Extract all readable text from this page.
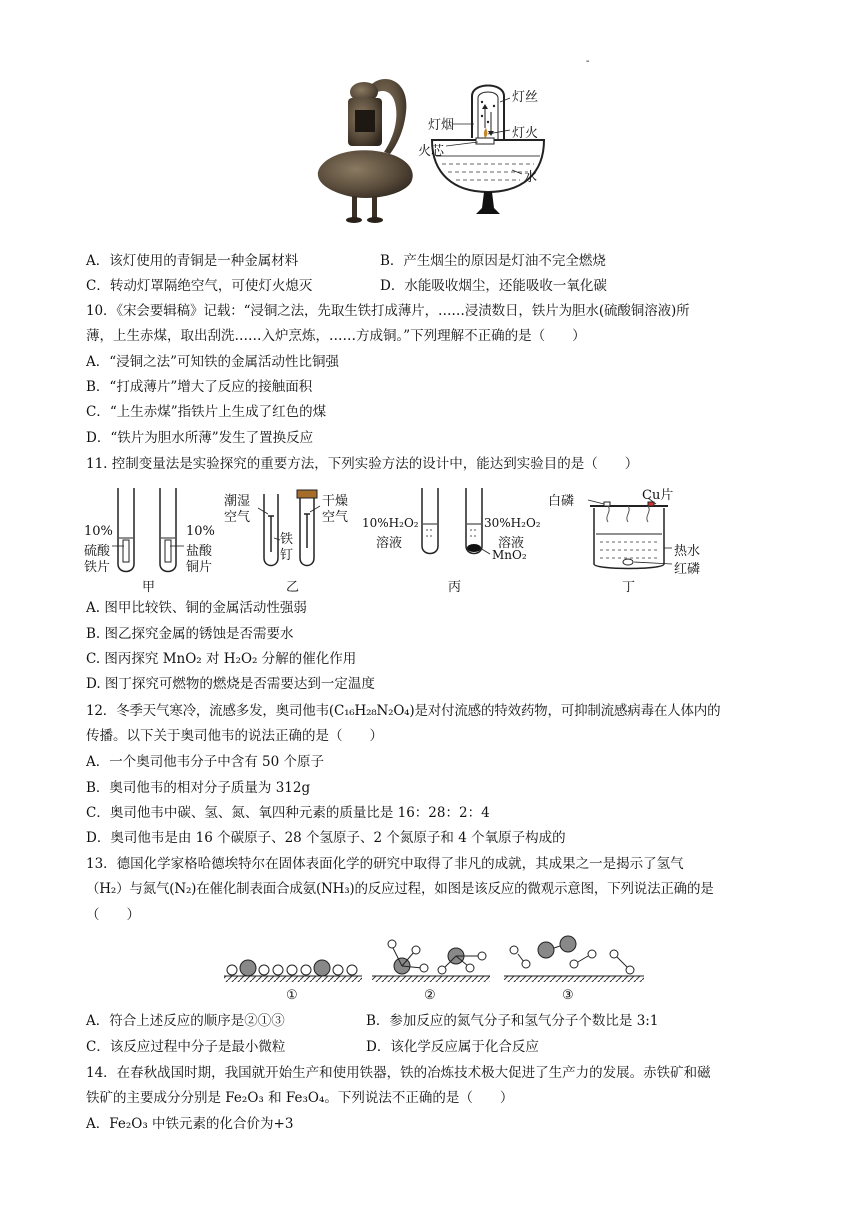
-
灯丝
灯烟
灯火
火芯
水
A．该灯使用的青铜是一种金属材料	B．产生烟尘的原因是灯油不完全燃烧
C．转动灯罩隔绝空气，可使灯火熄灭	D．水能吸收烟尘，还能吸收一氧化碳
10．《宋会要辑稿》记载：“浸铜之法，先取生铁打成薄片，……浸渍数日，铁片为胆水(硫酸铜溶液)所
薄，上生赤煤，取出刮洗……入炉烹炼，……方成铜。”下列理解不正确的是（　　）
A．“浸铜之法”可知铁的金属活动性比铜强
B．“打成薄片”增大了反应的接触面积
C．“上生赤煤”指铁片上生成了红色的煤
D．“铁片为胆水所薄”发生了置换反应
11. 控制变量法是实验探究的重要方法，下列实验方法的设计中，能达到实验目的是（　　）
10%
硫酸
铁片
10%
盐酸
铜片
甲
潮湿
空气
铁
钉
干燥
空气
乙
10%H₂O₂
溶液
30%H₂O₂
溶液
MnO₂
丙
白磷	Cu片
热水
红磷
丁
A. 图甲比较铁、铜的金属活动性强弱
B. 图乙探究金属的锈蚀是否需要水
C. 图丙探究 MnO₂ 对 H₂O₂ 分解的催化作用
D. 图丁探究可燃物的燃烧是否需要达到一定温度
12．冬季天气寒冷，流感多发，奥司他韦(C₁₆H₂₈N₂O₄)是对付流感的特效药物，可抑制流感病毒在人体内的
传播。以下关于奥司他韦的说法正确的是（　　）
A．一个奥司他韦分子中含有 50 个原子
B．奥司他韦的相对分子质量为 312g
C．奥司他韦中碳、氢、氮、氧四种元素的质量比是 16：28：2：4
D．奥司他韦是由 16 个碳原子、28 个氢原子、2 个氮原子和 4 个氧原子构成的
13．德国化学家格哈德埃特尔在固体表面化学的研究中取得了非凡的成就，其成果之一是揭示了氢气
（H₂）与氮气(N₂)在催化制表面合成氨(NH₃)的反应过程，如图是该反应的微观示意图，下列说法正确的是
（　　）
①	②	③
A．符合上述反应的顺序是②①③	B．参加反应的氮气分子和氢气分子个数比是 3:1
C．该反应过程中分子是最小微粒	D．该化学反应属于化合反应
14．在春秋战国时期，我国就开始生产和使用铁器，铁的冶炼技术极大促进了生产力的发展。赤铁矿和磁
铁矿的主要成分分别是 Fe₂O₃ 和 Fe₃O₄。下列说法不正确的是（　　）
A．Fe₂O₃ 中铁元素的化合价为+3
